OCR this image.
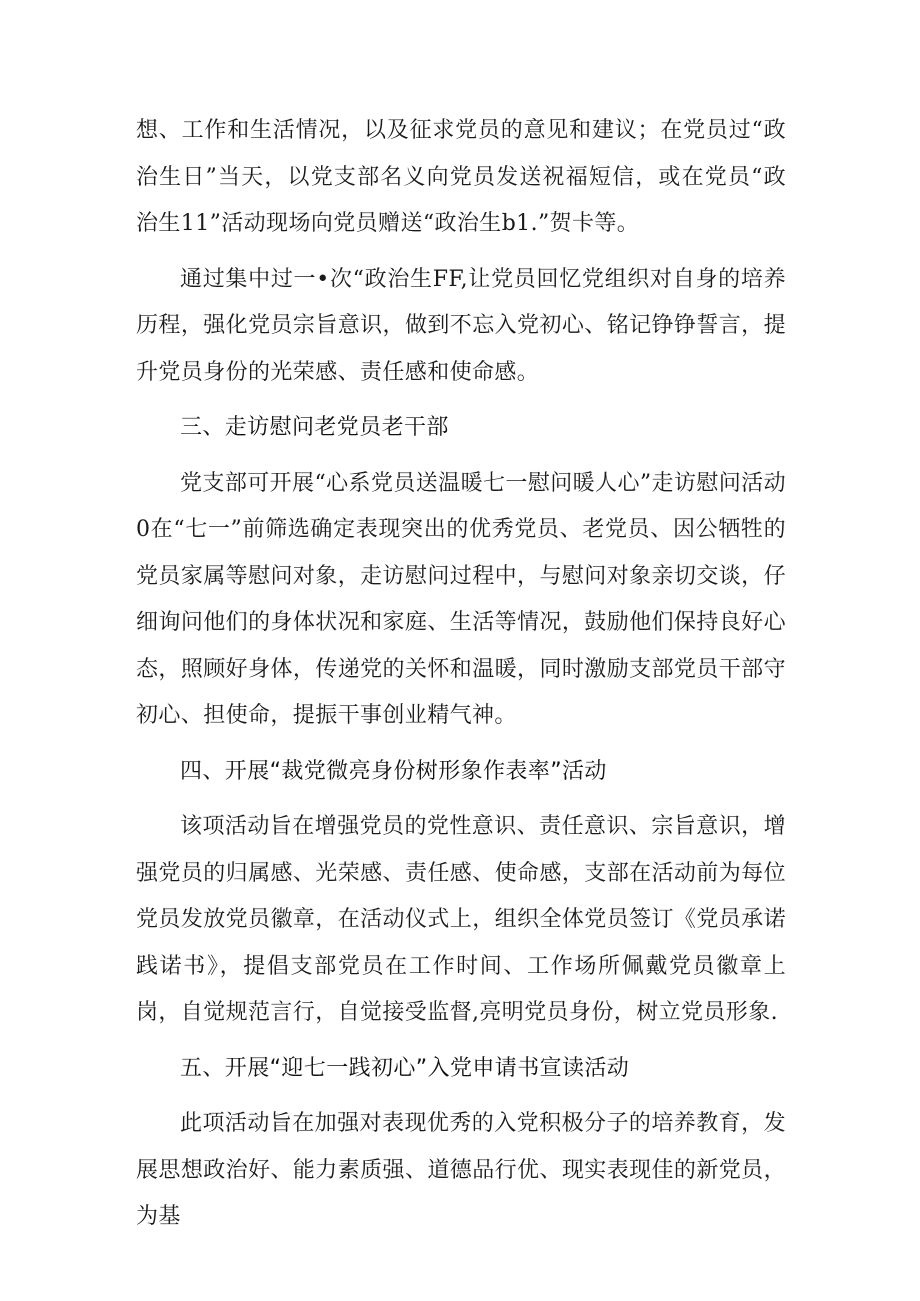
想、工作和生活情况，以及征求党员的意见和建议；在党员过“政治生日”当天，以党支部名义向党员发送祝福短信，或在党员“政治生11”活动现场向党员赠送“政治生b1.”贺卡等。

通过集中过一•次“政治生FF,让党员回忆党组织对自身的培养历程，强化党员宗旨意识，做到不忘入党初心、铭记铮铮誓言，提升党员身份的光荣感、责任感和使命感。

三、走访慰问老党员老干部

党支部可开展“心系党员送温暖七一慰问暖人心”走访慰问活动0在“七一”前筛选确定表现突出的优秀党员、老党员、因公牺牲的党员家属等慰问对象，走访慰问过程中，与慰问对象亲切交谈，仔细询问他们的身体状况和家庭、生活等情况，鼓励他们保持良好心态，照顾好身体，传递党的关怀和温暖，同时激励支部党员干部守初心、担使命，提振干事创业精气神。

四、开展“裁党微亮身份树形象作表率”活动

该项活动旨在增强党员的党性意识、责任意识、宗旨意识，增强党员的归属感、光荣感、责任感、使命感，支部在活动前为每位党员发放党员徽章，在活动仪式上，组织全体党员签订《党员承诺践诺书》，提倡支部党员在工作时间、工作场所佩戴党员徽章上岗，自觉规范言行，自觉接受监督,亮明党员身份，树立党员形象.

五、开展“迎七一践初心”入党申请书宣读活动

此项活动旨在加强对表现优秀的入党积极分子的培养教育，发展思想政治好、能力素质强、道德品行优、现实表现佳的新党员，为基
